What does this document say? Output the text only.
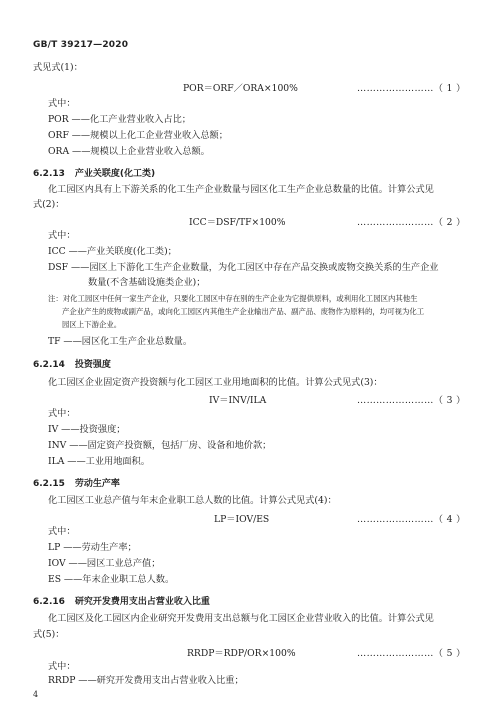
GB/T 39217—2020
式见式(1)：
POR＝ORF／ORA×100%	……………………（ 1 ）
式中：
POR ——化工产业营业收入占比；
ORF ——规模以上化工企业营业收入总额；
ORA ——规模以上企业营业收入总额。
6.2.13 产业关联度(化工类)
化工园区内具有上下游关系的化工生产企业数量与园区化工生产企业总数量的比值。计算公式见
式(2)：
ICC＝DSF/TF×100%	……………………（ 2 ）
式中：
ICC ——产业关联度(化工类)；
DSF ——园区上下游化工生产企业数量，为化工园区中存在产品交换或废物交换关系的生产企业
数量(不含基础设施类企业)；
注：对化工园区中任何一家生产企业，只要化工园区中存在别的生产企业为它提供原料，或利用化工园区内其他生
产企业产生的废物或副产品，或向化工园区内其他生产企业输出产品、副产品、废物作为原料的，均可视为化工
园区上下游企业。
TF ——园区化工生产企业总数量。
6.2.14 投资强度
化工园区企业固定资产投资额与化工园区工业用地面积的比值。计算公式见式(3)：
IV＝INV/ILA	……………………（ 3 ）
式中：
IV ——投资强度；
INV ——固定资产投资额，包括厂房、设备和地价款；
ILA ——工业用地面积。
6.2.15 劳动生产率
化工园区工业总产值与年末企业职工总人数的比值。计算公式见式(4)：
LP＝IOV/ES	……………………（ 4 ）
式中：
LP ——劳动生产率；
IOV ——园区工业总产值；
ES ——年末企业职工总人数。
6.2.16 研究开发费用支出占营业收入比重
化工园区及化工园区内企业研究开发费用支出总额与化工园区企业营业收入的比值。计算公式见
式(5)：
RRDP＝RDP/OR×100%	……………………（ 5 ）
式中：
RRDP ——研究开发费用支出占营业收入比重；
4
